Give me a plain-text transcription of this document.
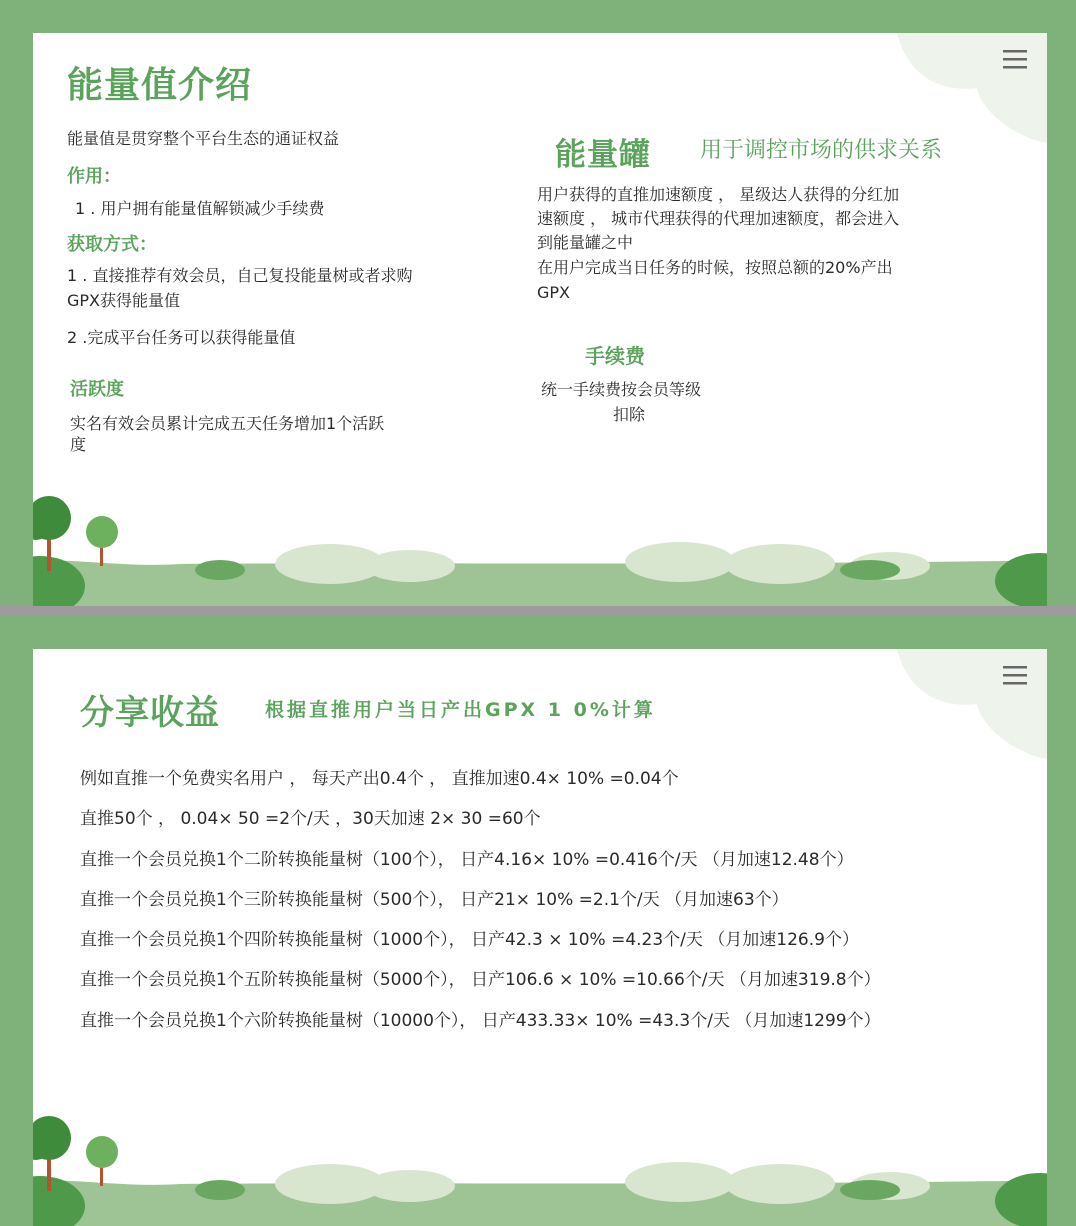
能量值介绍

能量值是贯穿整个平台生态的通证权益

作用：

1 . 用户拥有能量值解锁减少手续费

获取方式：

1 . 直接推荐有效会员，自己复投能量树或者求购

GPX获得能量值

2 .完成平台任务可以获得能量值

活跃度

实名有效会员累计完成五天任务增加1个活跃

度

能量罐 用于调控市场的供求关系

用户获得的直推加速额度 ， 星级达人获得的分红加

速额度 ， 城市代理获得的代理加速额度，都会进入

到能量罐之中

在用户完成当日任务的时候，按照总额的20%产出

GPX

手续费

统一手续费按会员等级

扣除

分享收益 根据直推用户当日产出GPX 1 0%计算

例如直推一个免费实名用户 ， 每天产出0.4个 ， 直推加速0.4× 10% =0.04个
直推50个 ， 0.04× 50 =2个/天 ，30天加速 2× 30 =60个
直推一个会员兑换1个二阶转换能量树（100个）， 日产4.16× 10% =0.416个/天 （月加速12.48个）
直推一个会员兑换1个三阶转换能量树（500个）， 日产21× 10% =2.1个/天 （月加速63个）
直推一个会员兑换1个四阶转换能量树（1000个）， 日产42.3 × 10% =4.23个/天 （月加速126.9个）
直推一个会员兑换1个五阶转换能量树（5000个）， 日产106.6 × 10% =10.66个/天 （月加速319.8个）
直推一个会员兑换1个六阶转换能量树（10000个）， 日产433.33× 10% =43.3个/天 （月加速1299个）
